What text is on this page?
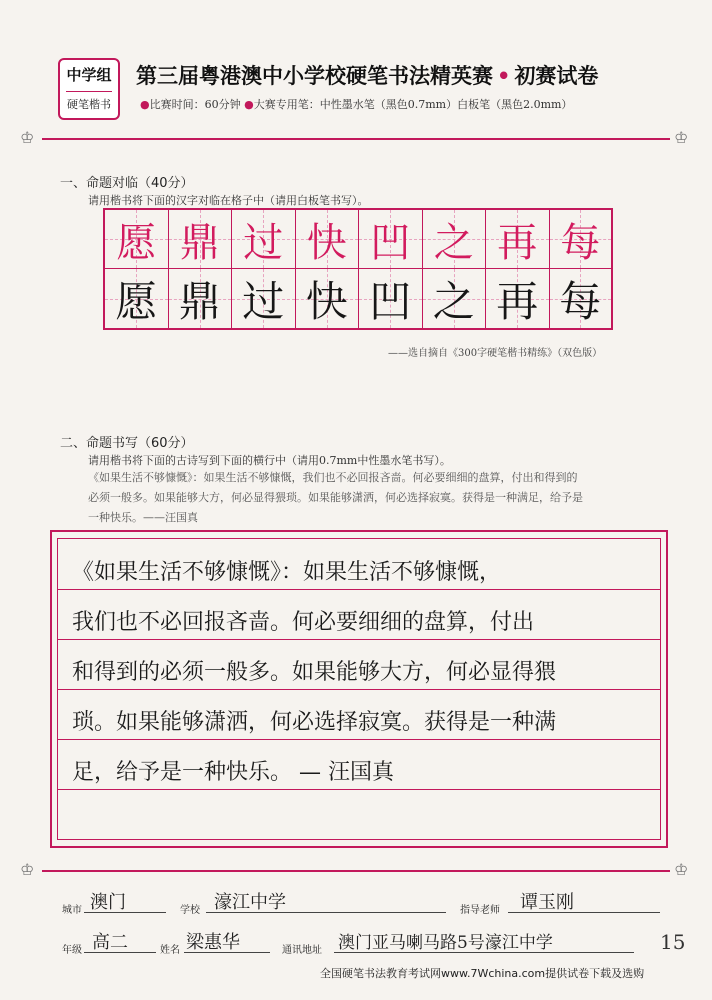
中学组
硬笔楷书
第三届粤港澳中小学校硬笔书法精英赛 • 初赛试卷
●比赛时间：60分钟 ●大赛专用笔：中性墨水笔（黑色0.7mm）白板笔（黑色2.0mm）
♔	♔
一、命题对临（40分）
请用楷书将下面的汉字对临在格子中（请用白板笔书写）。
愿 鼎 过 快 凹 之 再 每
愿 鼎 过 快 凹 之 再 每
——选自摘自《300字硬笔楷书精练》（双色版）
二、命题书写（60分）
请用楷书将下面的古诗写到下面的横行中（请用0.7mm中性墨水笔书写）。
《如果生活不够慷慨》：如果生活不够慷慨，我们也不必回报吝啬。何必要细细的盘算，付出和得到的
必须一般多。如果能够大方，何必显得猥琐。如果能够潇洒，何必选择寂寞。获得是一种满足，给予是
一种快乐。——汪国真
《如果生活不够慷慨》：如果生活不够慷慨，
我们也不必回报吝啬。何必要细细的盘算，付出
和得到的必须一般多。如果能够大方，何必显得猥
琐。如果能够潇洒，何必选择寂寞。获得是一种满
足，给予是一种快乐。 — 汪国真
♔	♔
城市 澳门	学校 濠江中学	指导老师 谭玉刚
年级 高二	姓名 梁惠华	通讯地址 澳门亚马喇马路5号濠江中学	15
全国硬笔书法教育考试网www.7Wchina.com提供试卷下载及选购
